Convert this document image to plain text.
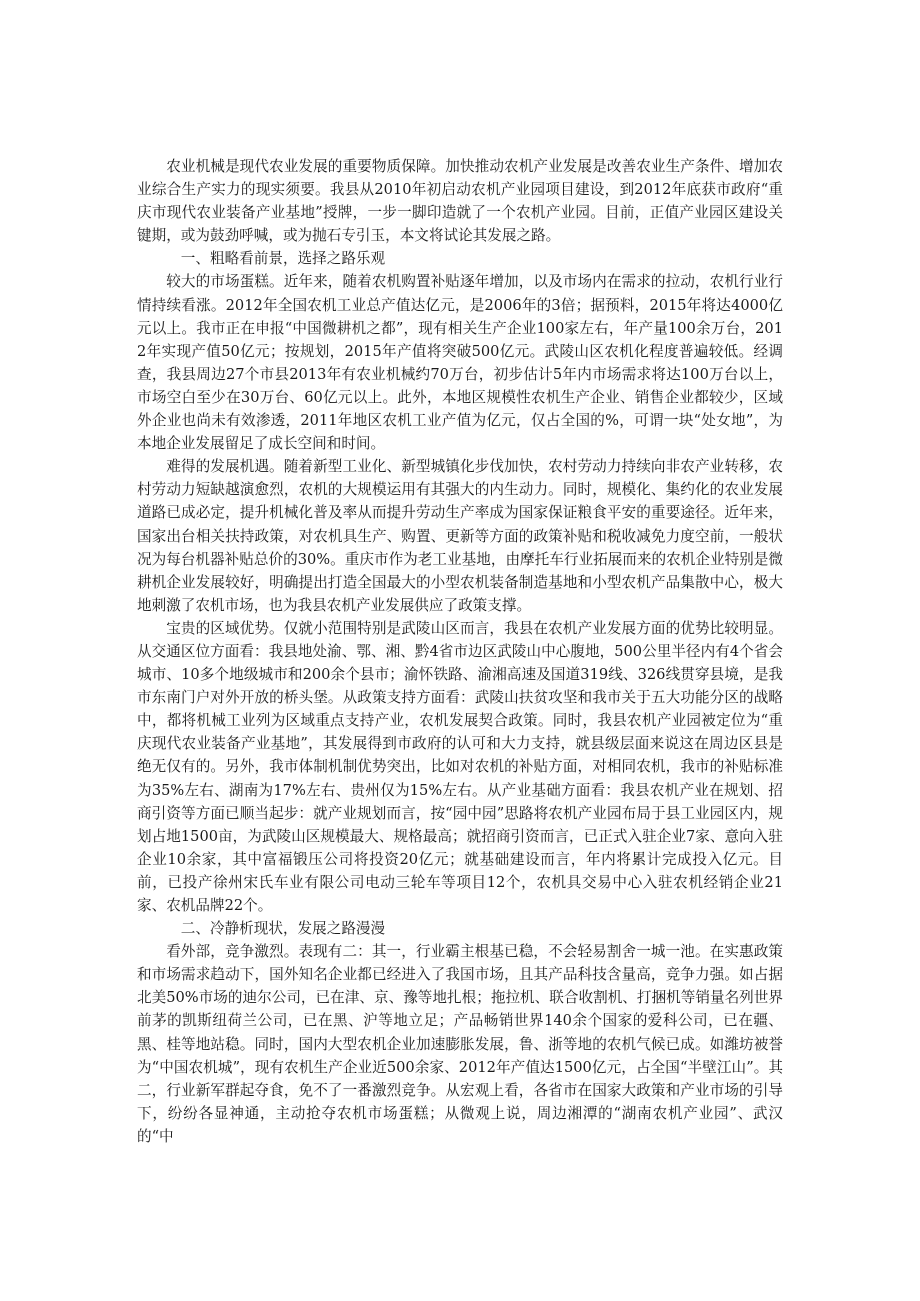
农业机械是现代农业发展的重要物质保障。加快推动农机产业发展是改善农业生产条件、增加农业综合生产实力的现实须要。我县从2010年初启动农机产业园项目建设，到2012年底获市政府“重庆市现代农业装备产业基地”授牌，一步一脚印造就了一个农机产业园。目前，正值产业园区建设关键期，或为鼓劲呼喊，或为抛石专引玉，本文将试论其发展之路。

一、粗略看前景，选择之路乐观

较大的市场蛋糕。近年来，随着农机购置补贴逐年增加，以及市场内在需求的拉动，农机行业行情持续看涨。2012年全国农机工业总产值达亿元，是2006年的3倍；据预料，2015年将达4000亿元以上。我市正在申报“中国微耕机之都”，现有相关生产企业100家左右，年产量100余万台，2012年实现产值50亿元；按规划，2015年产值将突破500亿元。武陵山区农机化程度普遍较低。经调查，我县周边27个市县2013年有农业机械约70万台，初步估计5年内市场需求将达100万台以上，市场空白至少在30万台、60亿元以上。此外，本地区规模性农机生产企业、销售企业都较少，区域外企业也尚未有效渗透，2011年地区农机工业产值为亿元，仅占全国的%，可谓一块“处女地”，为本地企业发展留足了成长空间和时间。

难得的发展机遇。随着新型工业化、新型城镇化步伐加快，农村劳动力持续向非农产业转移，农村劳动力短缺越演愈烈，农机的大规模运用有其强大的内生动力。同时，规模化、集约化的农业发展道路已成必定，提升机械化普及率从而提升劳动生产率成为国家保证粮食平安的重要途径。近年来，国家出台相关扶持政策，对农机具生产、购置、更新等方面的政策补贴和税收减免力度空前，一般状况为每台机器补贴总价的30%。重庆市作为老工业基地，由摩托车行业拓展而来的农机企业特别是微耕机企业发展较好，明确提出打造全国最大的小型农机装备制造基地和小型农机产品集散中心，极大地刺激了农机市场，也为我县农机产业发展供应了政策支撑。

宝贵的区域优势。仅就小范围特别是武陵山区而言，我县在农机产业发展方面的优势比较明显。从交通区位方面看：我县地处渝、鄂、湘、黔4省市边区武陵山中心腹地，500公里半径内有4个省会城市、10多个地级城市和200余个县市；渝怀铁路、渝湘高速及国道319线、326线贯穿县境，是我市东南门户对外开放的桥头堡。从政策支持方面看：武陵山扶贫攻坚和我市关于五大功能分区的战略中，都将机械工业列为区域重点支持产业，农机发展契合政策。同时，我县农机产业园被定位为“重庆现代农业装备产业基地”，其发展得到市政府的认可和大力支持，就县级层面来说这在周边区县是绝无仅有的。另外，我市体制机制优势突出，比如对农机的补贴方面，对相同农机，我市的补贴标准为35%左右、湖南为17%左右、贵州仅为15%左右。从产业基础方面看：我县农机产业在规划、招商引资等方面已顺当起步：就产业规划而言，按“园中园”思路将农机产业园布局于县工业园区内，规划占地1500亩，为武陵山区规模最大、规格最高；就招商引资而言，已正式入驻企业7家、意向入驻企业10余家，其中富福锻压公司将投资20亿元；就基础建设而言，年内将累计完成投入亿元。目前，已投产徐州宋氏车业有限公司电动三轮车等项目12个，农机具交易中心入驻农机经销企业21家、农机品牌22个。

二、冷静析现状，发展之路漫漫

看外部，竞争激烈。表现有二：其一，行业霸主根基已稳，不会轻易割舍一城一池。在实惠政策和市场需求趋动下，国外知名企业都已经进入了我国市场，且其产品科技含量高，竞争力强。如占据北美50%市场的迪尔公司，已在津、京、豫等地扎根；拖拉机、联合收割机、打捆机等销量名列世界前茅的凯斯纽荷兰公司，已在黑、沪等地立足；产品畅销世界140余个国家的爱科公司，已在疆、黑、桂等地站稳。同时，国内大型农机企业加速膨胀发展，鲁、浙等地的农机气候已成。如潍坊被誉为“中国农机城”，现有农机生产企业近500余家、2012年产值达1500亿元，占全国“半壁江山”。其二，行业新军群起夺食，免不了一番激烈竞争。从宏观上看，各省市在国家大政策和产业市场的引导下，纷纷各显神通，主动抢夺农机市场蛋糕；从微观上说，周边湘潭的“湖南农机产业园”、武汉的“中
